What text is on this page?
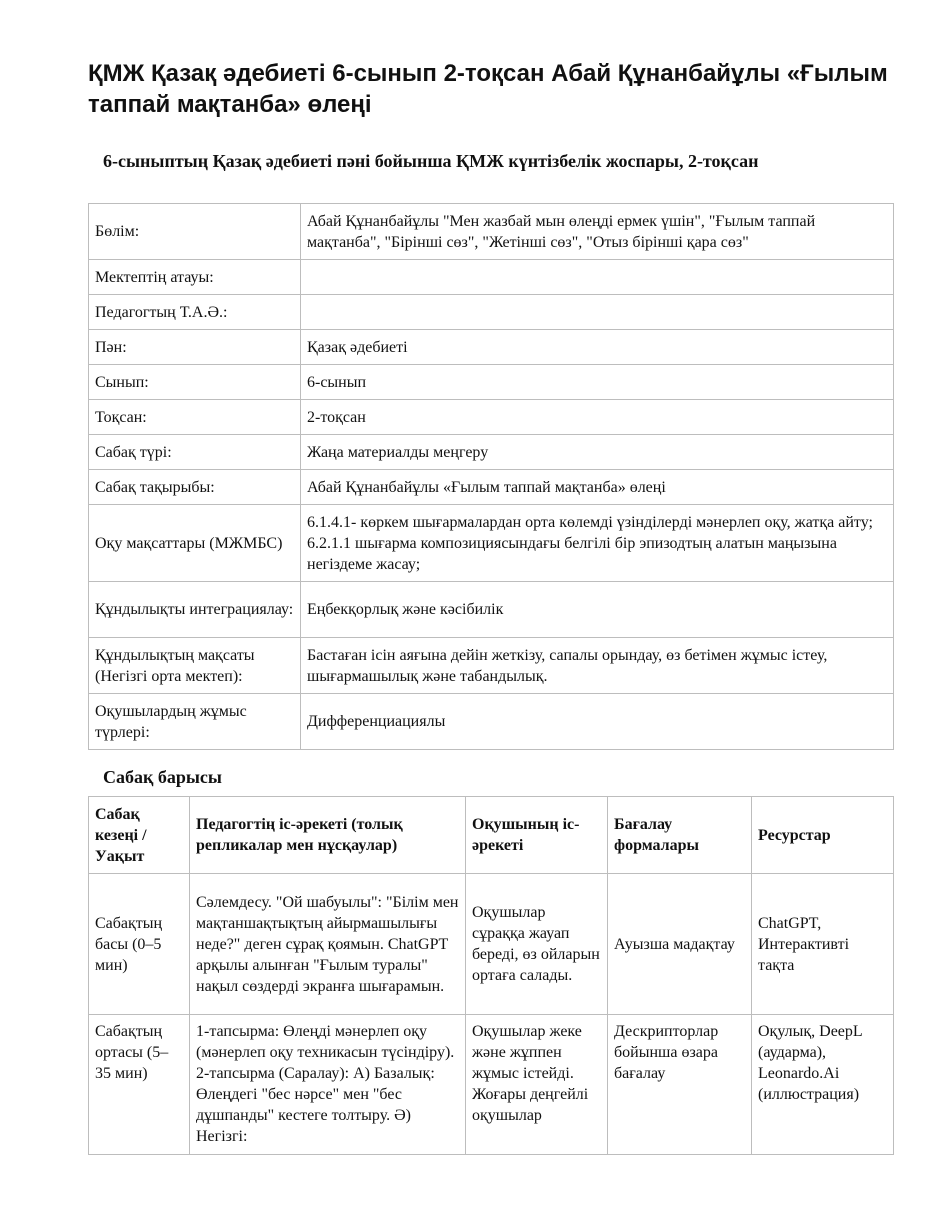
ҚМЖ Қазақ әдебиеті 6-сынып 2-тоқсан Абай Құнанбайұлы «Ғылым таппай мақтанба» өлеңі
6-сыныптың Қазақ әдебиеті пәні бойынша ҚМЖ күнтізбелік жоспары, 2-тоқсан
Бөлім:	Абай Құнанбайұлы "Мен жазбай мын өлеңді ермек үшін", "Ғылым таппай мақтанба", "Бірінші сөз", "Жетінші сөз", "Отыз бірінші қара сөз"
Мектептің атауы:	
Педагогтың Т.А.Ә.:	
Пән:	Қазақ әдебиеті
Сынып:	6-сынып
Тоқсан:	2-тоқсан
Сабақ түрі:	Жаңа материалды меңгеру
Сабақ тақырыбы:	Абай Құнанбайұлы «Ғылым таппай мақтанба» өлеңі
Оқу мақсаттары (МЖМБС)	6.1.4.1- көркем шығармалардан орта көлемді үзінділерді мәнерлеп оқу, жатқа айту; 6.2.1.1 шығарма композициясындағы белгілі бір эпизодтың алатын маңызына негіздеме жасау;
Құндылықты интеграциялау:	Еңбекқорлық және кәсібилік
Құндылықтың мақсаты (Негізгі орта мектеп):	Бастаған ісін аяғына дейін жеткізу, сапалы орындау, өз бетімен жұмыс істеу, шығармашылық және табандылық.
Оқушылардың жұмыс түрлері:	Дифференциациялы
Сабақ барысы
Сабақ кезеңі / Уақыт	Педагогтің іс-әрекеті (толық репликалар мен нұсқаулар)	Оқушының іс-әрекеті	Бағалау формалары	Ресурстар
Сабақтың басы (0–5 мин)	Сәлемдесу. "Ой шабуылы": "Білім мен мақтаншақтықтың айырмашылығы неде?" деген сұрақ қоямын. ChatGPT арқылы алынған "Ғылым туралы" нақыл сөздерді экранға шығарамын.	Оқушылар сұраққа жауап береді, өз ойларын ортаға салады.	Ауызша мадақтау	ChatGPT, Интерактивті тақта
Сабақтың ортасы (5–35 мин)	1-тапсырма: Өлеңді мәнерлеп оқу (мәнерлеп оқу техникасын түсіндіру). 2-тапсырма (Саралау): А) Базалық: Өлеңдегі "бес нәрсе" мен "бес дұшпанды" кестеге толтыру. Ә) Негізгі:	Оқушылар жеке және жұппен жұмыс істейді. Жоғары деңгейлі оқушылар	Дескрипторлар бойынша өзара бағалау	Оқулық, DeepL (аударма), Leonardo.Ai (иллюстрация)
